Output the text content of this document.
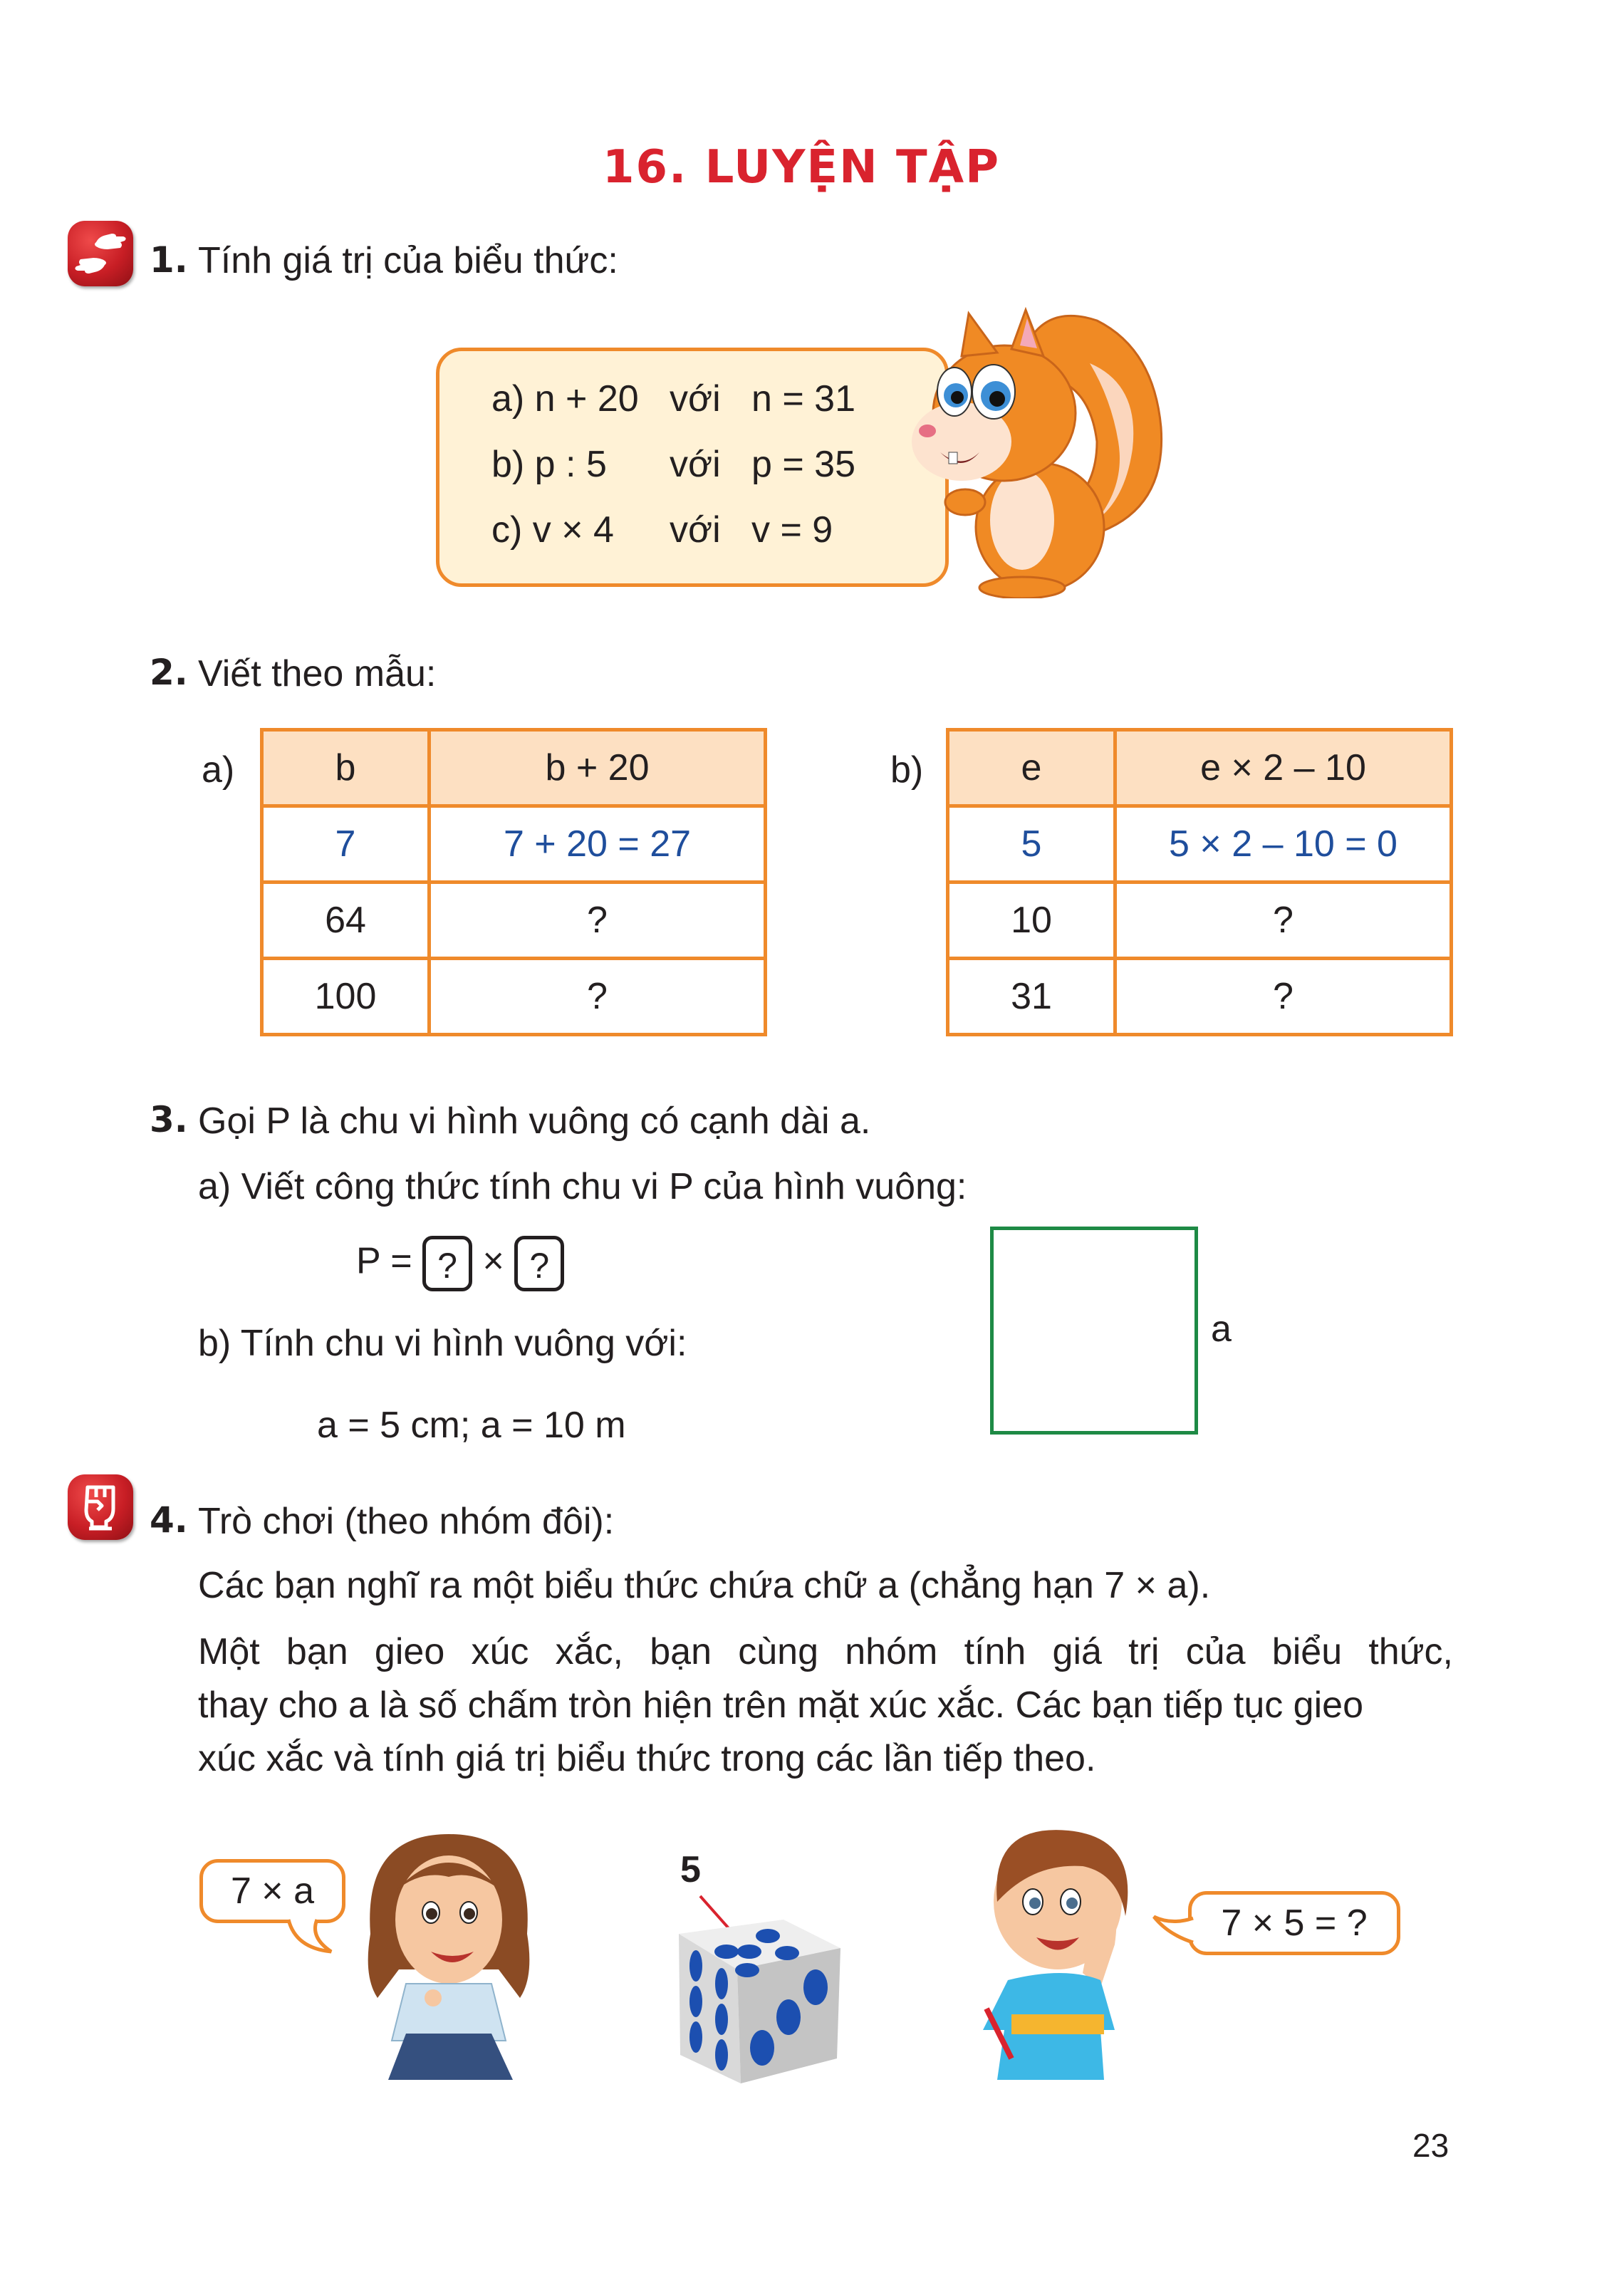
16. LUYỆN TẬP
1. Tính giá trị của biểu thức:
a) n + 20 với n = 31
b) p : 5 với p = 35
c) v × 4 với v = 9
2. Viết theo mẫu:
a)	b	b + 20
7	7 + 20 = 27
64	?
100	?
b)	e	e × 2 – 10
5	5 × 2 – 10 = 0
10	?
31	?
3. Gọi P là chu vi hình vuông có cạnh dài a.
a) Viết công thức tính chu vi P của hình vuông:
P = ? × ?
b) Tính chu vi hình vuông với:
a = 5 cm; a = 10 m
a
4. Trò chơi (theo nhóm đôi):
Các bạn nghĩ ra một biểu thức chứa chữ a (chẳng hạn 7 × a).
Một bạn gieo xúc xắc, bạn cùng nhóm tính giá trị của biểu thức,
thay cho a là số chấm tròn hiện trên mặt xúc xắc. Các bạn tiếp tục gieo
xúc xắc và tính giá trị biểu thức trong các lần tiếp theo.
7 × a
5
7 × 5 = ?
23
